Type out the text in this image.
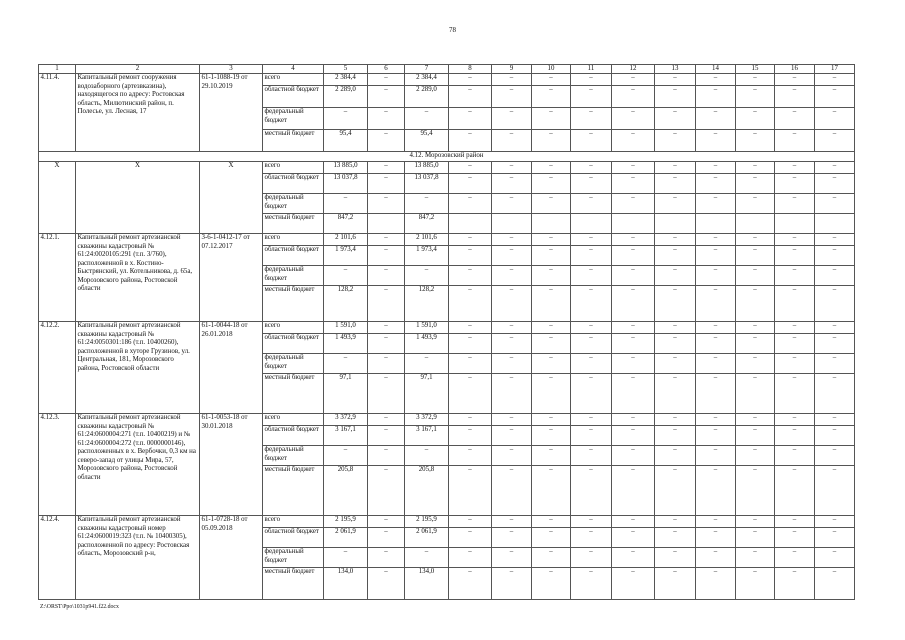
78
1	2	3	4	5	6	7	8	9	10	11	12	13	14	15	16	17
4.11.4.	Капитальный ремонт сооружения водозаборного (артезвказина), находящегося по адресу: Ростовская область, Милютинский район, п. Полесье, ул. Лесная, 17	61-1-1088-19 от 29.10.2019	всего	2 384,4	–	2 384,4	–	–	–	–	–	–	–	–	–	–
			областной бюджет	2 289,0	–	2 289,0	–	–	–	–	–	–	–	–	–	–
			федеральный бюджет	–	–	–	–	–	–	–	–	–	–	–	–	–
			местный бюджет	95,4	–	95,4	–	–	–	–	–	–	–	–	–	–
4.12. Морозовский район																
X	X	X	всего	13 885,0	–	13 885,0	–	–	–	–	–	–	–	–	–	–
			областной бюджет	13 037,8	–	13 037,8	–	–	–	–	–	–	–	–	–	–
			федеральный бюджет	–	–	–	–	–	–	–	–	–	–	–	–	–
			местный бюджет	847,2		847,2										
4.12.1.	Капитальный ремонт артезианской скважины кадастровый № 61:24:0020105:291 (т.п. 3/760), расположенной в х. Костино-Быстрянский, ул. Котельникова, д. 65а, Морозовского района, Ростовской области	3-6-1-0412-17 от 07.12.2017	всего	2 101,6	–	2 101,6	–	–	–	–	–	–	–	–	–	–
			областной бюджет	1 973,4	–	1 973,4	–	–	–	–	–	–	–	–	–	–
			федеральный бюджет	–	–	–	–	–	–	–	–	–	–	–	–	–
			местный бюджет	128,2	–	128,2	–	–	–	–	–	–	–	–	–	–
4.12.2.	Капитальный ремонт артезианской скважины кадастровый № 61:24:0050301:186 (т.п. 10400260), расположенной в хуторе Грузинов, ул. Центральная, 181, Морозовского района, Ростовской области	61-1-0044-18 от 26.01.2018	всего	1 591,0	–	1 591,0	–	–	–	–	–	–	–	–	–	–
			областной бюджет	1 493,9	–	1 493,9	–	–	–	–	–	–	–	–	–	–
			федеральный бюджет	–	–	–	–	–	–	–	–	–	–	–	–	–
			местный бюджет	97,1	–	97,1	–	–	–	–	–	–	–	–	–	–
4.12.3.	Капитальный ремонт артезианской скважины кадастровый № 61:24:0600004:271 (т.п. 10400219) и № 61:24:0600004:272 (т.п. 0000000146), расположенных в х. Вербочки, 0,3 км на северо-запад от улицы Мира, 57, Морозовского района, Ростовской области	61-1-0053-18 от 30.01.2018	всего	3 372,9	–	3 372,9	–	–	–	–	–	–	–	–	–	–
			областной бюджет	3 167,1	–	3 167,1	–	–	–	–	–	–	–	–	–	–
			федеральный бюджет	–	–	–	–	–	–	–	–	–	–	–	–	–
			местный бюджет	205,8	–	205,8	–	–	–	–	–	–	–	–	–	–
4.12.4.	Капитальный ремонт артезианской скважины кадастровый номер 61:24:0600019:323 (т.п. № 10400305), расположенной по адресу: Ростовская область, Морозовский р-н,	61-1-0728-18 от 05.09.2018	всего	2 195,9	–	2 195,9	–	–	–	–	–	–	–	–	–	–
			областной бюджет	2 061,9	–	2 061,9	–	–	–	–	–	–	–	–	–	–
			федеральный бюджет	–	–	–	–	–	–	–	–	–	–	–	–	–
			местный бюджет	134,0	–	134,0	–	–	–	–	–	–	–	–	–	–
Z:\ORST\Ppo\1031p941.f22.docx
